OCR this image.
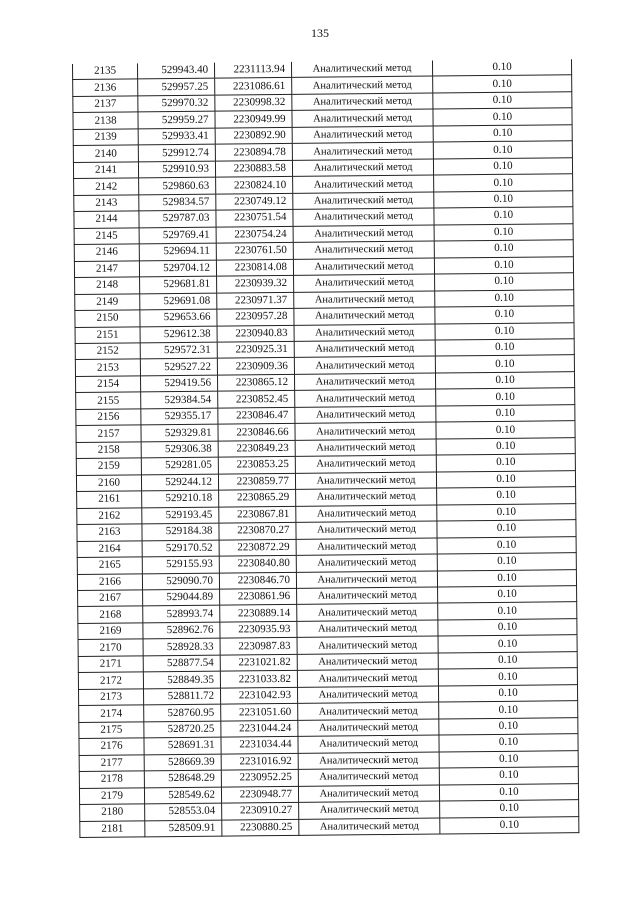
135
2135	529943.40	2231113.94	Аналитический метод	0.10
2136	529957.25	2231086.61	Аналитический метод	0.10
2137	529970.32	2230998.32	Аналитический метод	0.10
2138	529959.27	2230949.99	Аналитический метод	0.10
2139	529933.41	2230892.90	Аналитический метод	0.10
2140	529912.74	2230894.78	Аналитический метод	0.10
2141	529910.93	2230883.58	Аналитический метод	0.10
2142	529860.63	2230824.10	Аналитический метод	0.10
2143	529834.57	2230749.12	Аналитический метод	0.10
2144	529787.03	2230751.54	Аналитический метод	0.10
2145	529769.41	2230754.24	Аналитический метод	0.10
2146	529694.11	2230761.50	Аналитический метод	0.10
2147	529704.12	2230814.08	Аналитический метод	0.10
2148	529681.81	2230939.32	Аналитический метод	0.10
2149	529691.08	2230971.37	Аналитический метод	0.10
2150	529653.66	2230957.28	Аналитический метод	0.10
2151	529612.38	2230940.83	Аналитический метод	0.10
2152	529572.31	2230925.31	Аналитический метод	0.10
2153	529527.22	2230909.36	Аналитический метод	0.10
2154	529419.56	2230865.12	Аналитический метод	0.10
2155	529384.54	2230852.45	Аналитический метод	0.10
2156	529355.17	2230846.47	Аналитический метод	0.10
2157	529329.81	2230846.66	Аналитический метод	0.10
2158	529306.38	2230849.23	Аналитический метод	0.10
2159	529281.05	2230853.25	Аналитический метод	0.10
2160	529244.12	2230859.77	Аналитический метод	0.10
2161	529210.18	2230865.29	Аналитический метод	0.10
2162	529193.45	2230867.81	Аналитический метод	0.10
2163	529184.38	2230870.27	Аналитический метод	0.10
2164	529170.52	2230872.29	Аналитический метод	0.10
2165	529155.93	2230840.80	Аналитический метод	0.10
2166	529090.70	2230846.70	Аналитический метод	0.10
2167	529044.89	2230861.96	Аналитический метод	0.10
2168	528993.74	2230889.14	Аналитический метод	0.10
2169	528962.76	2230935.93	Аналитический метод	0.10
2170	528928.33	2230987.83	Аналитический метод	0.10
2171	528877.54	2231021.82	Аналитический метод	0.10
2172	528849.35	2231033.82	Аналитический метод	0.10
2173	528811.72	2231042.93	Аналитический метод	0.10
2174	528760.95	2231051.60	Аналитический метод	0.10
2175	528720.25	2231044.24	Аналитический метод	0.10
2176	528691.31	2231034.44	Аналитический метод	0.10
2177	528669.39	2231016.92	Аналитический метод	0.10
2178	528648.29	2230952.25	Аналитический метод	0.10
2179	528549.62	2230948.77	Аналитический метод	0.10
2180	528553.04	2230910.27	Аналитический метод	0.10
2181	528509.91	2230880.25	Аналитический метод	0.10
